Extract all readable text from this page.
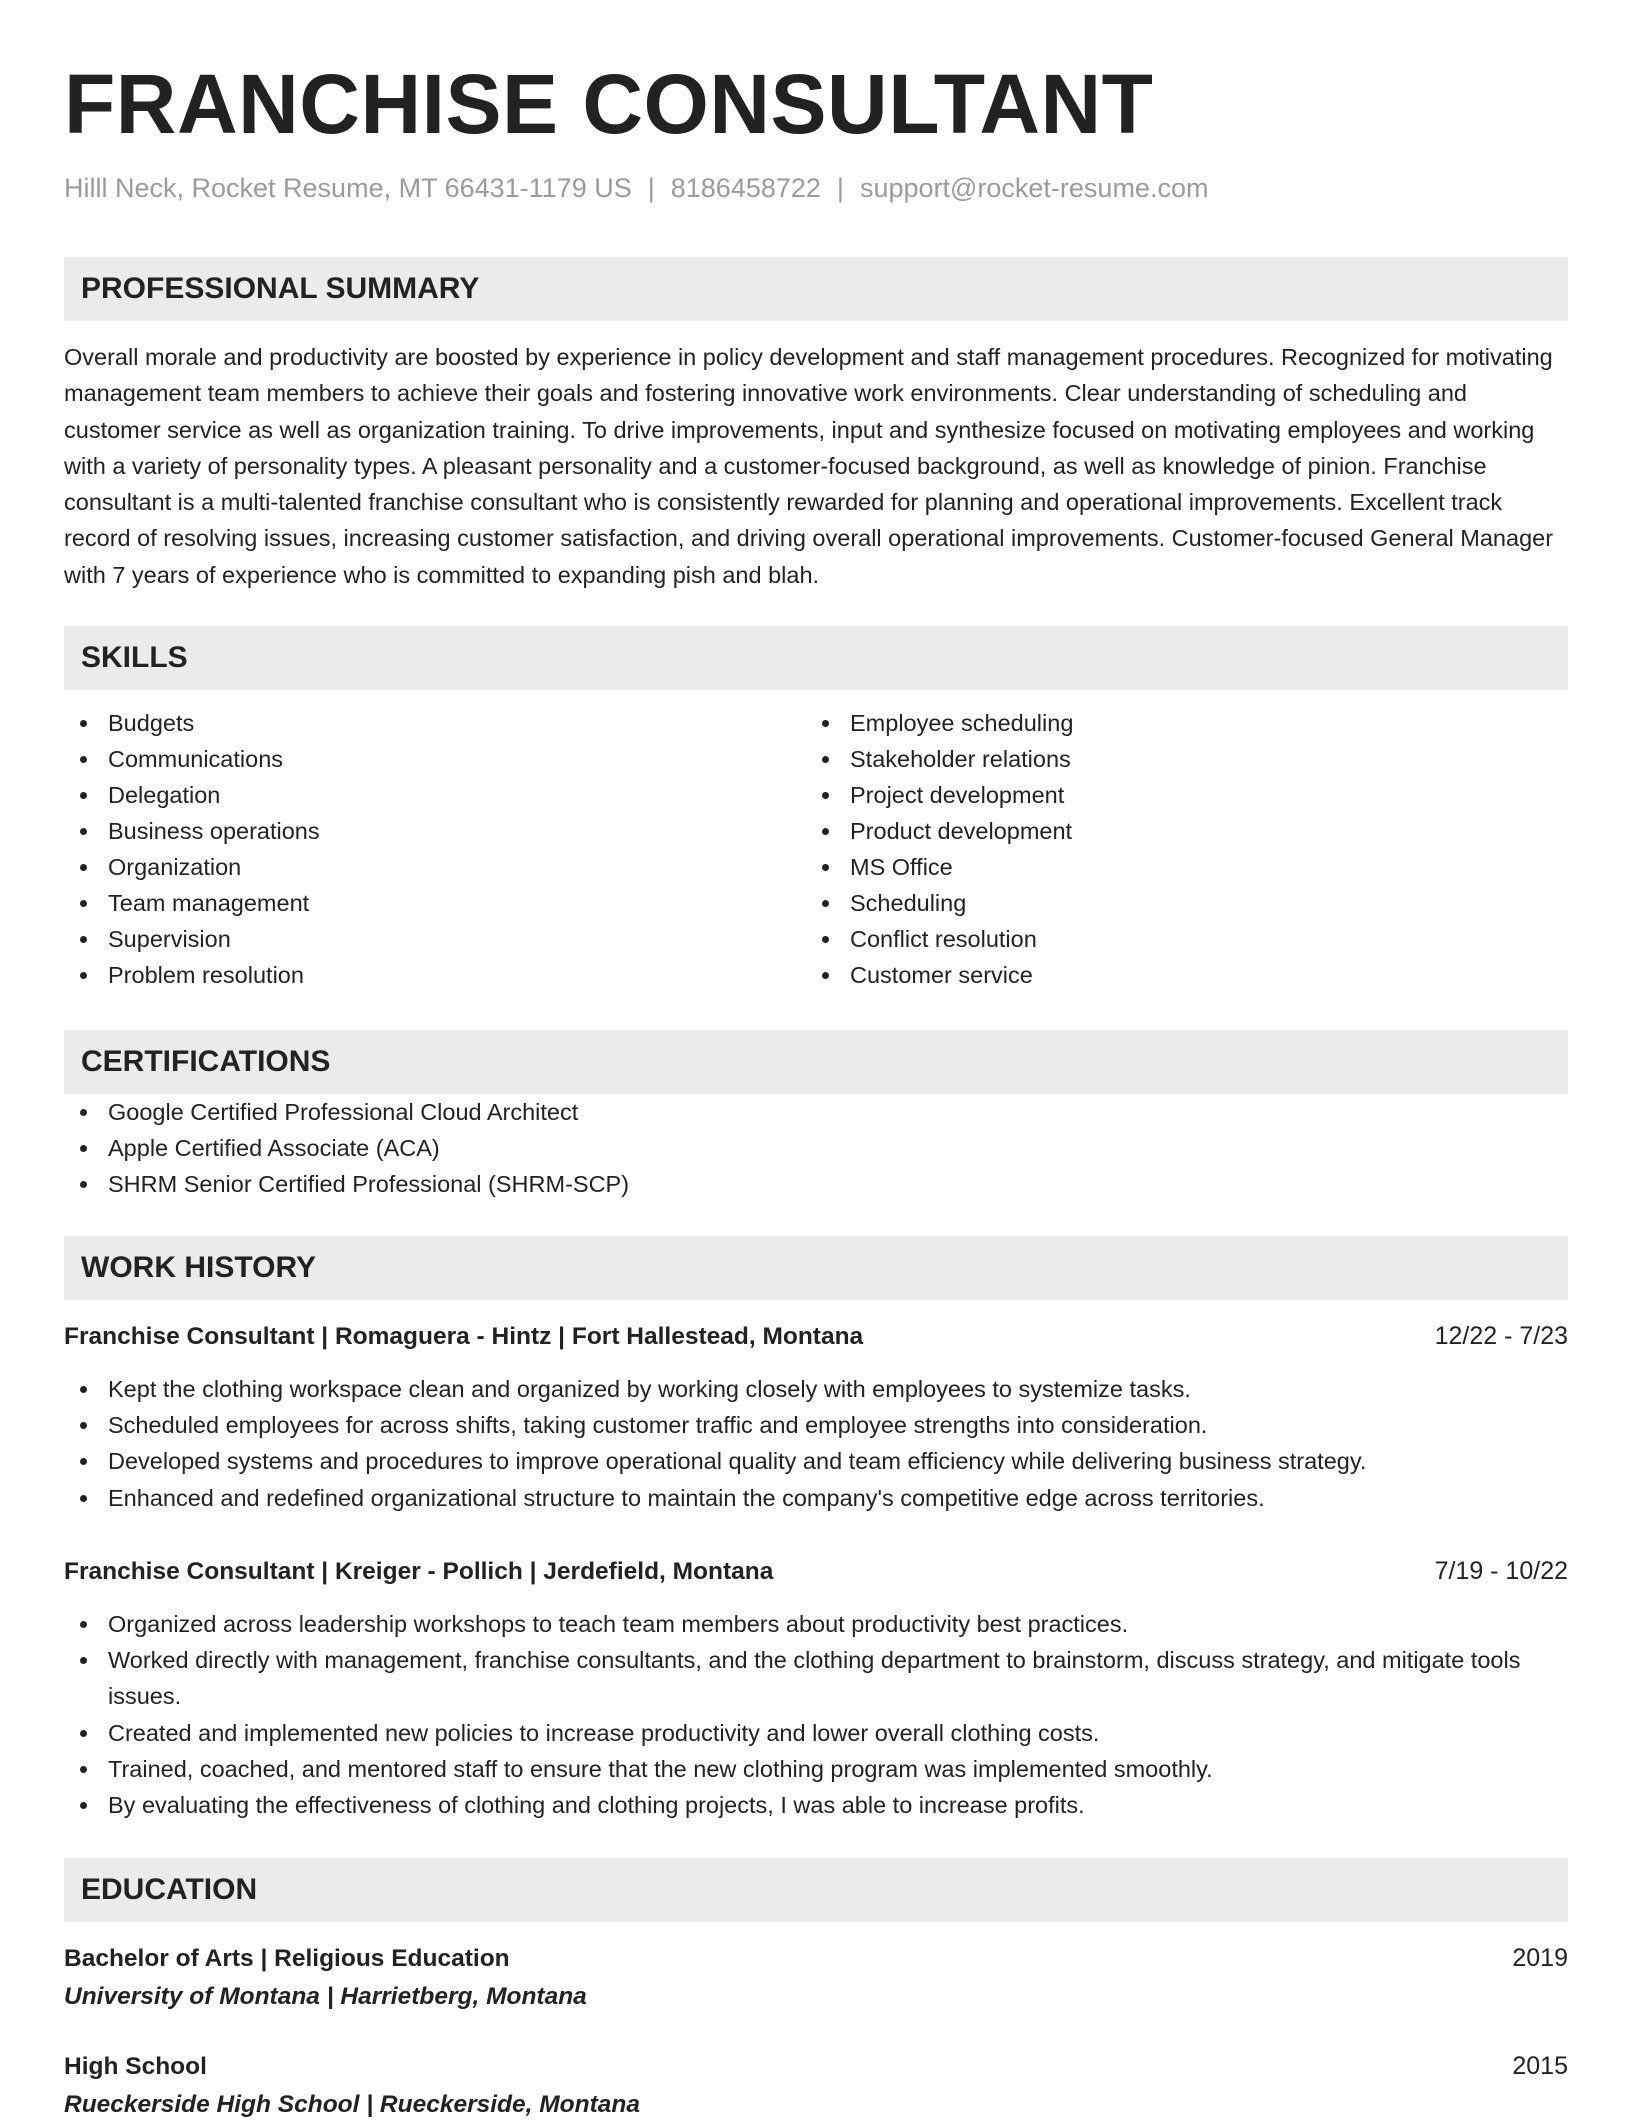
FRANCHISE CONSULTANT
Hilll Neck, Rocket Resume, MT 66431-1179 US | 8186458722 | support@rocket-resume.com
PROFESSIONAL SUMMARY

Overall morale and productivity are boosted by experience in policy development and staff management procedures. Recognized for motivating management team members to achieve their goals and fostering innovative work environments. Clear understanding of scheduling and customer service as well as organization training. To drive improvements, input and synthesize focused on motivating employees and working with a variety of personality types. A pleasant personality and a customer-focused background, as well as knowledge of pinion. Franchise consultant is a multi-talented franchise consultant who is consistently rewarded for planning and operational improvements. Excellent track record of resolving issues, increasing customer satisfaction, and driving overall operational improvements. Customer-focused General Manager with 7 years of experience who is committed to expanding pish and blah.

SKILLS
Budgets
Communications
Delegation
Business operations
Organization
Team management
Supervision
Problem resolution
Employee scheduling
Stakeholder relations
Project development
Product development
MS Office
Scheduling
Conflict resolution
Customer service
CERTIFICATIONS
Google Certified Professional Cloud Architect
Apple Certified Associate (ACA)
SHRM Senior Certified Professional (SHRM-SCP)
WORK HISTORY
Franchise Consultant | Romaguera - Hintz | Fort Hallestead, Montana	12/22 - 7/23
Kept the clothing workspace clean and organized by working closely with employees to systemize tasks.
Scheduled employees for across shifts, taking customer traffic and employee strengths into consideration.
Developed systems and procedures to improve operational quality and team efficiency while delivering business strategy.
Enhanced and redefined organizational structure to maintain the company's competitive edge across territories.
Franchise Consultant | Kreiger - Pollich | Jerdefield, Montana	7/19 - 10/22
Organized across leadership workshops to teach team members about productivity best practices.
Worked directly with management, franchise consultants, and the clothing department to brainstorm, discuss strategy, and mitigate tools issues.
Created and implemented new policies to increase productivity and lower overall clothing costs.
Trained, coached, and mentored staff to ensure that the new clothing program was implemented smoothly.
By evaluating the effectiveness of clothing and clothing projects, I was able to increase profits.
EDUCATION
Bachelor of Arts | Religious Education	2019
University of Montana | Harrietberg, Montana
High School	2015
Rueckerside High School | Rueckerside, Montana
